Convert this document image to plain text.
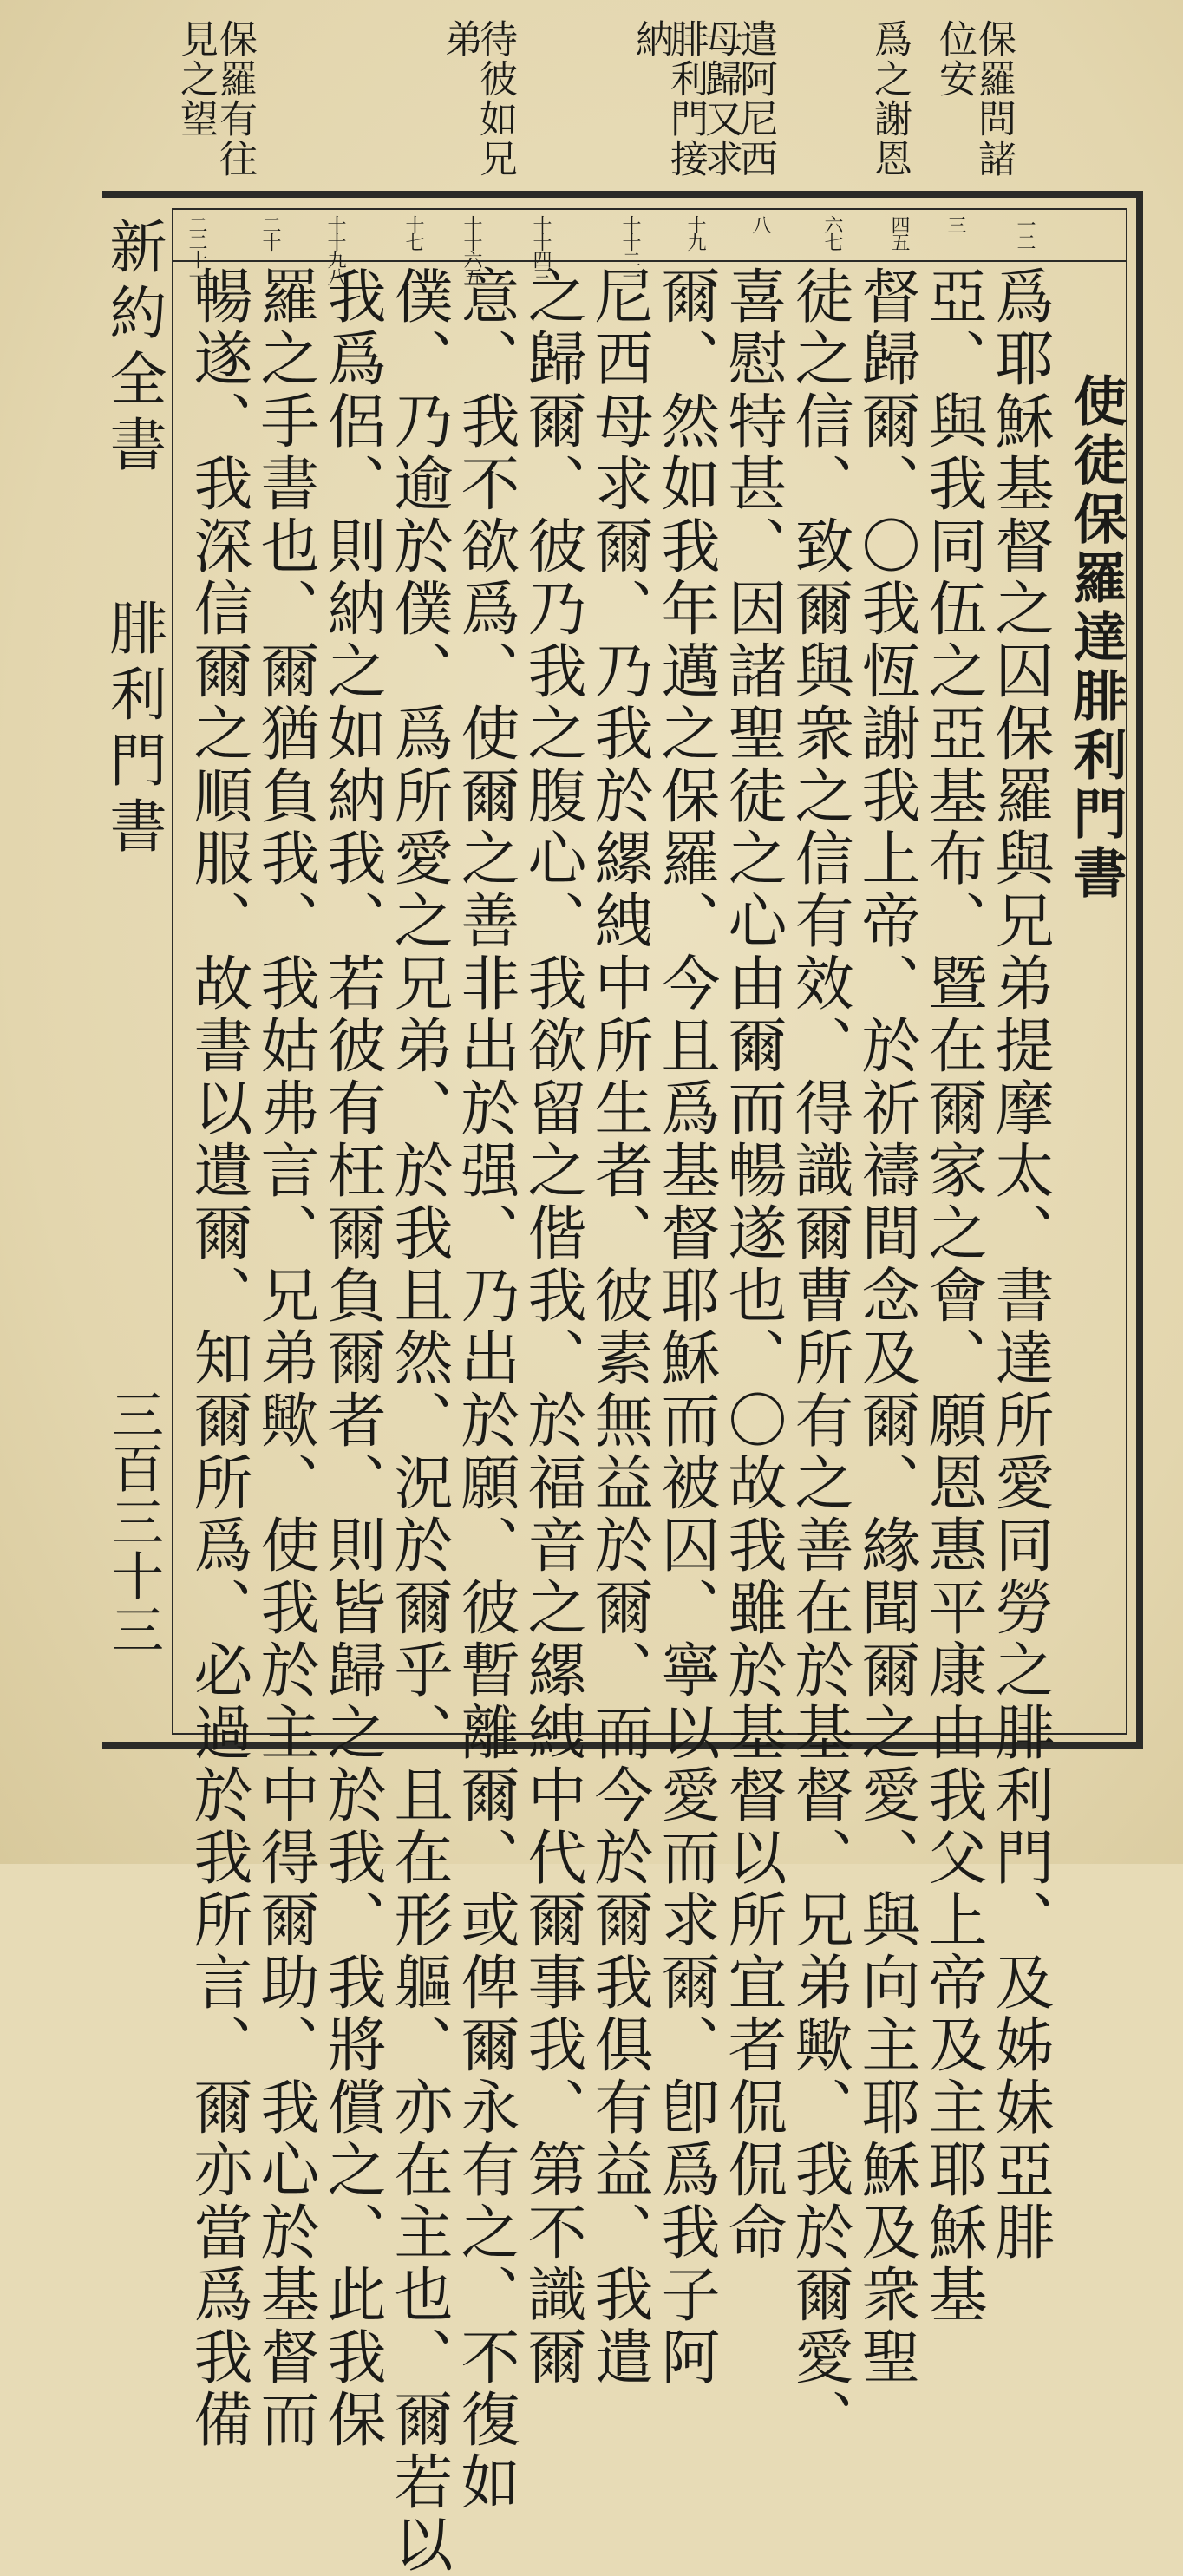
保羅問諸
位安
爲之謝恩
遣阿尼西
母歸又求
腓利門接
納
待彼如兄
弟
保羅有往
見之望
新約全書
腓利門書
三百三十三
使徒保羅達腓利門書
一二
三
四五
六七
八
十九
十十二一
十十四三
十十六五
十七
十十九八
二十
二二十一
爲耶穌基督之囚保羅與兄弟提摩太、書達所愛同勞之腓利門、及姊妹亞腓
亞、與我同伍之亞基布、暨在爾家之會、願恩惠平康由我父上帝及主耶穌基
督歸爾、〇我恆謝我上帝、於祈禱間念及爾、緣聞爾之愛、與向主耶穌及衆聖
徒之信、致爾與衆之信有效、得識爾曹所有之善在於基督、兄弟歟、我於爾愛、
喜慰特甚、因諸聖徒之心由爾而暢遂也、〇故我雖於基督以所宜者侃侃命
爾、然如我年邁之保羅、今且爲基督耶穌而被囚、寧以愛而求爾、卽爲我子阿
尼西母求爾、乃我於縲絏中所生者、彼素無益於爾、而今於爾我俱有益、我遣
之歸爾、彼乃我之腹心、我欲留之偕我、於福音之縲絏中代爾事我、第不識爾
意、我不欲爲、使爾之善非出於强、乃出於願、彼暫離爾、或俾爾永有之、不復如
僕、乃逾於僕、爲所愛之兄弟、於我且然、況於爾乎、且在形軀、亦在主也、爾若以
我爲侶、則納之如納我、若彼有枉爾負爾者、則皆歸之於我、我將償之、此我保
羅之手書也、爾猶負我、我姑弗言、兄弟歟、使我於主中得爾助、我心於基督而
暢遂、我深信爾之順服、故書以遺爾、知爾所爲、必過於我所言、爾亦當爲我備
